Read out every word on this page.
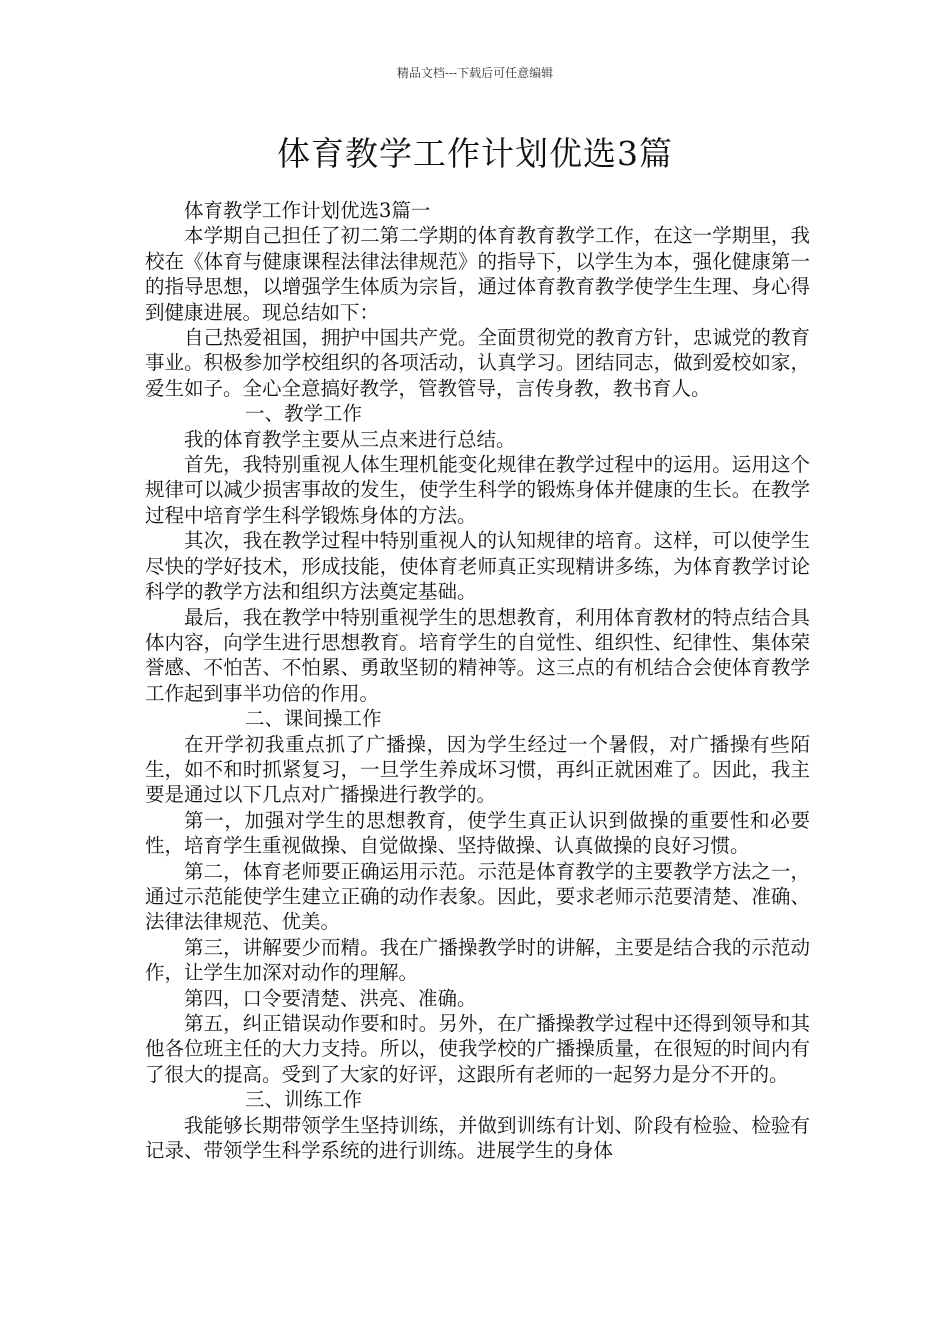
精品文档---下载后可任意编辑
体育教学工作计划优选3篇
体育教学工作计划优选3篇一
本学期自己担任了初二第二学期的体育教育教学工作，在这一学期里，我校在《体育与健康课程法律法律规范》的指导下，以学生为本，强化健康第一的指导思想，以增强学生体质为宗旨，通过体育教育教学使学生生理、身心得到健康进展。现总结如下：
自己热爱祖国，拥护中国共产党。全面贯彻党的教育方针，忠诚党的教育事业。积极参加学校组织的各项活动，认真学习。团结同志，做到爱校如家，爱生如子。全心全意搞好教学，管教管导，言传身教，教书育人。
一、教学工作
我的体育教学主要从三点来进行总结。
首先，我特别重视人体生理机能变化规律在教学过程中的运用。运用这个规律可以减少损害事故的发生，使学生科学的锻炼身体并健康的生长。在教学过程中培育学生科学锻炼身体的方法。
其次，我在教学过程中特别重视人的认知规律的培育。这样，可以使学生尽快的学好技术，形成技能，使体育老师真正实现精讲多练，为体育教学讨论科学的教学方法和组织方法奠定基础。
最后，我在教学中特别重视学生的思想教育，利用体育教材的特点结合具体内容，向学生进行思想教育。培育学生的自觉性、组织性、纪律性、集体荣誉感、不怕苦、不怕累、勇敢坚韧的精神等。这三点的有机结合会使体育教学工作起到事半功倍的作用。
二、课间操工作
在开学初我重点抓了广播操，因为学生经过一个暑假，对广播操有些陌生，如不和时抓紧复习，一旦学生养成坏习惯，再纠正就困难了。因此，我主要是通过以下几点对广播操进行教学的。
第一，加强对学生的思想教育，使学生真正认识到做操的重要性和必要性，培育学生重视做操、自觉做操、坚持做操、认真做操的良好习惯。
第二，体育老师要正确运用示范。示范是体育教学的主要教学方法之一，通过示范能使学生建立正确的动作表象。因此，要求老师示范要清楚、准确、法律法律规范、优美。
第三，讲解要少而精。我在广播操教学时的讲解，主要是结合我的示范动作，让学生加深对动作的理解。
第四，口令要清楚、洪亮、准确。
第五，纠正错误动作要和时。另外，在广播操教学过程中还得到领导和其他各位班主任的大力支持。所以，使我学校的广播操质量，在很短的时间内有了很大的提高。受到了大家的好评，这跟所有老师的一起努力是分不开的。
三、训练工作
我能够长期带领学生坚持训练，并做到训练有计划、阶段有检验、检验有记录、带领学生科学系统的进行训练。进展学生的身体
